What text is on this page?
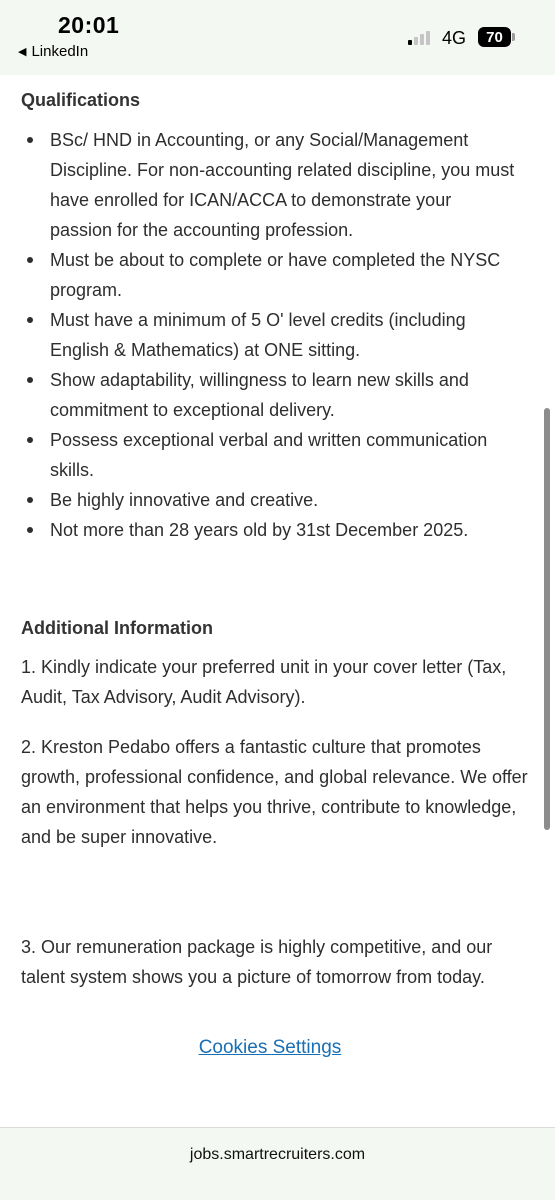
20:01
◀ LinkedIn
4G 70
Qualifications
BSc/ HND in Accounting, or any Social/Management Discipline. For non-accounting related discipline, you must have enrolled for ICAN/ACCA to demonstrate your passion for the accounting profession.
Must be about to complete or have completed the NYSC program.
Must have a minimum of 5 O' level credits (including English & Mathematics) at ONE sitting.
Show adaptability, willingness to learn new skills and commitment to exceptional delivery.
Possess exceptional verbal and written communication skills.
Be highly innovative and creative.
Not more than 28 years old by 31st December 2025.
Additional Information
1. Kindly indicate your preferred unit in your cover letter (Tax, Audit, Tax Advisory, Audit Advisory).
2. Kreston Pedabo offers a fantastic culture that promotes growth, professional confidence, and global relevance. We offer an environment that helps you thrive, contribute to knowledge, and be super innovative.
3. Our remuneration package is highly competitive, and our talent system shows you a picture of tomorrow from today.
Cookies Settings
jobs.smartrecruiters.com
